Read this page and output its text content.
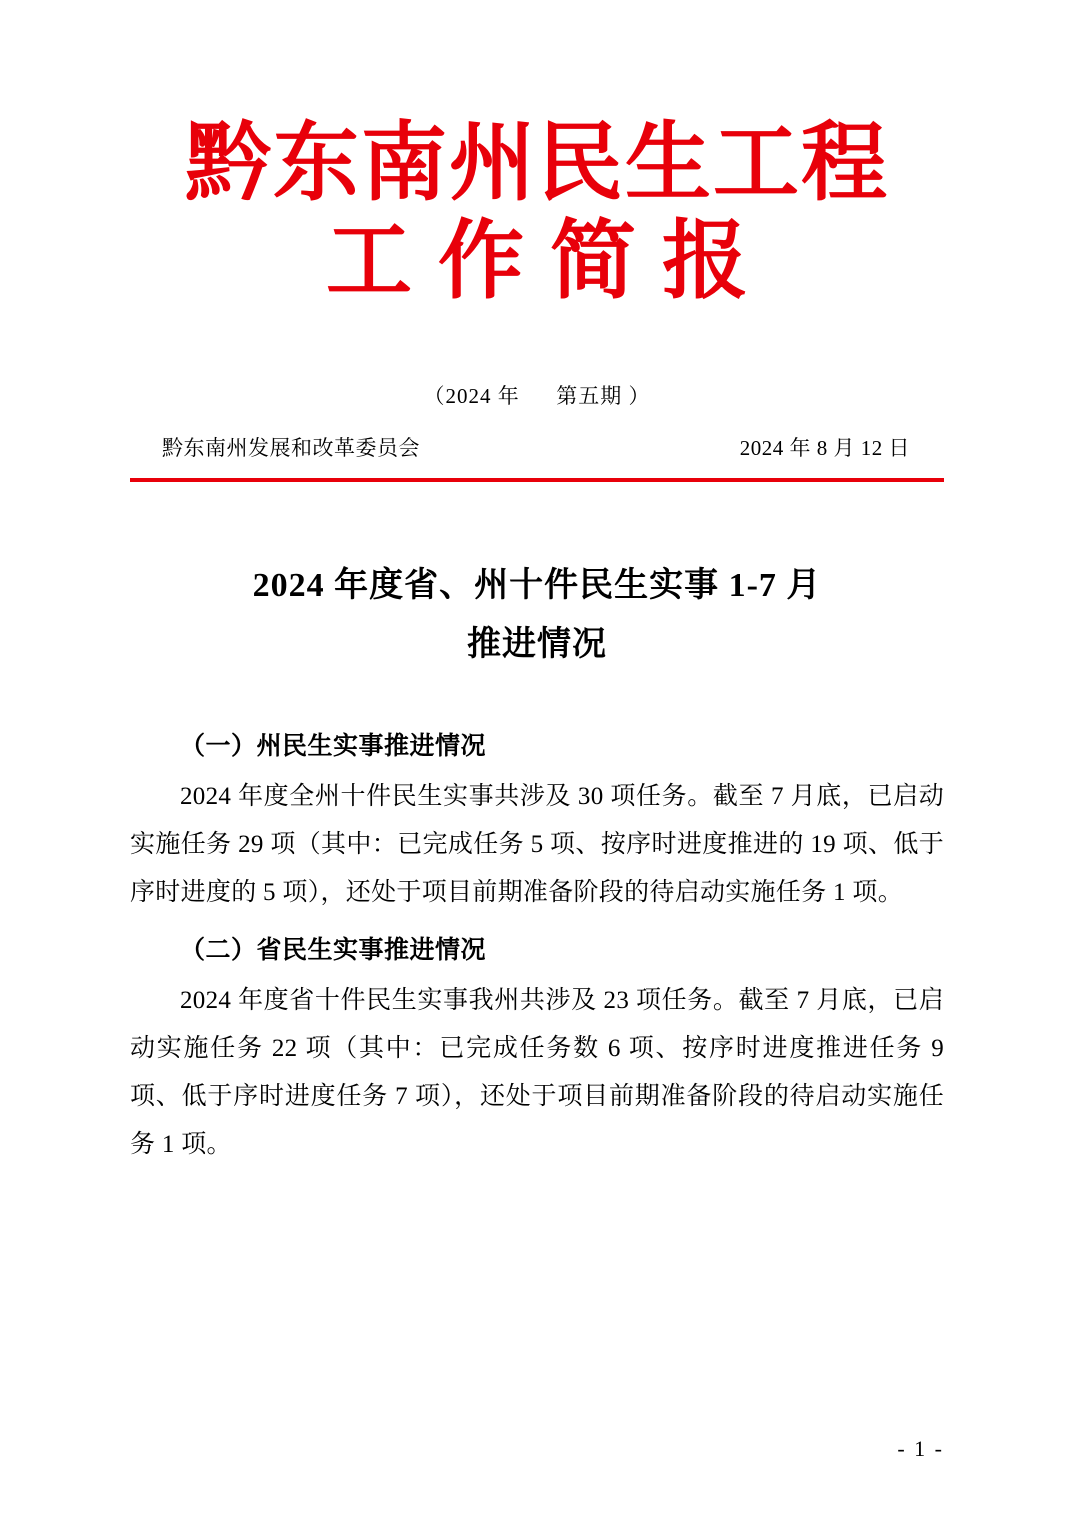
黔东南州民生工程
工作简报
（2024 年 第五期 ）
黔东南州发展和改革委员会	2024 年 8 月 12 日
2024 年度省、州十件民生实事 1-7 月
推进情况
（一）州民生实事推进情况

2024 年度全州十件民生实事共涉及 30 项任务。截至 7 月底，已启动实施任务 29 项（其中：已完成任务 5 项、按序时进度推进的 19 项、低于序时进度的 5 项），还处于项目前期准备阶段的待启动实施任务 1 项。

（二）省民生实事推进情况

2024 年度省十件民生实事我州共涉及 23 项任务。截至 7 月底，已启动实施任务 22 项（其中：已完成任务数 6 项、按序时进度推进任务 9 项、低于序时进度任务 7 项），还处于项目前期准备阶段的待启动实施任务 1 项。

- 1 -
